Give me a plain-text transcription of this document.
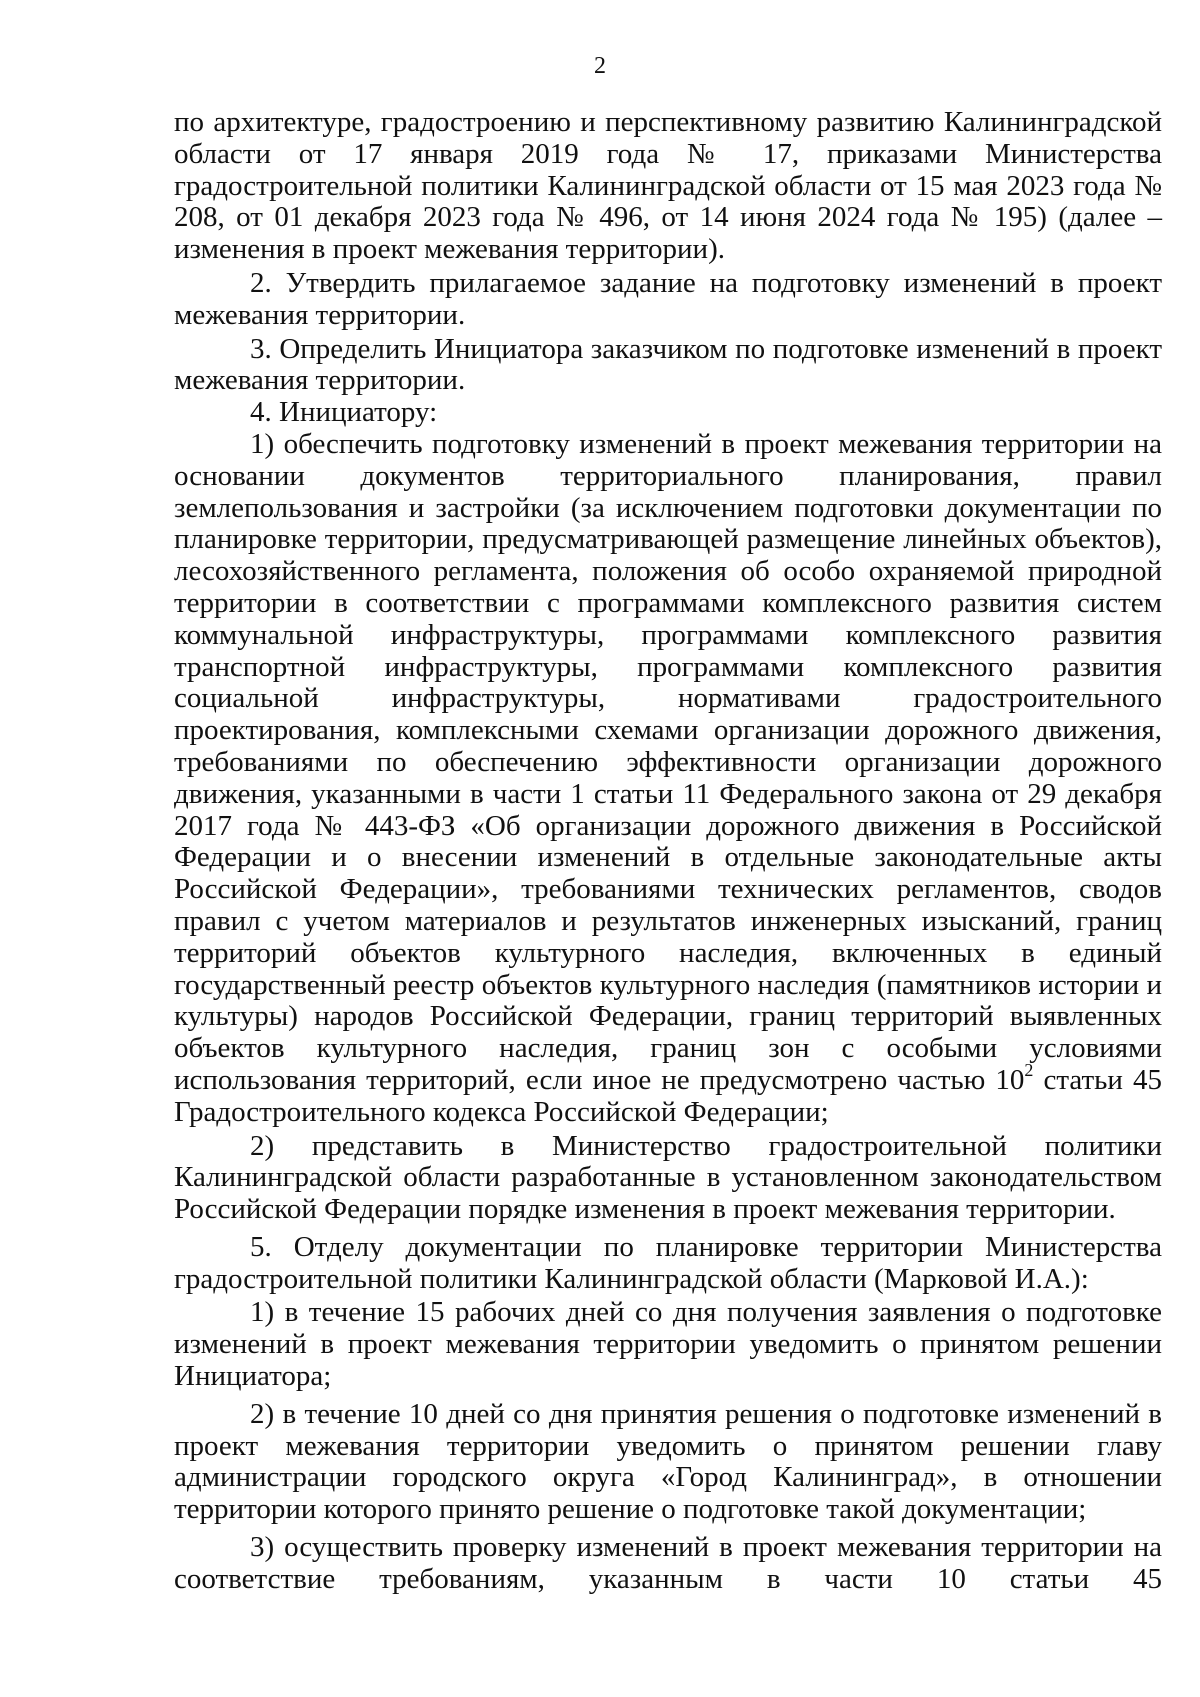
2

по архитектуре, градостроению и перспективному развитию Калининградской области от 17 января 2019 года № 17, приказами Министерства градостроительной политики Калининградской области от 15 мая 2023 года № 208, от 01 декабря 2023 года № 496, от 14 июня 2024 года № 195) (далее – изменения в проект межевания территории).

2. Утвердить прилагаемое задание на подготовку изменений в проект межевания территории.

3. Определить Инициатора заказчиком по подготовке изменений в проект межевания территории.

4. Инициатору:

1) обеспечить подготовку изменений в проект межевания территории на основании документов территориального планирования, правил землепользования и застройки (за исключением подготовки документации по планировке территории, предусматривающей размещение линейных объектов), лесохозяйственного регламента, положения об особо охраняемой природной территории в соответствии с программами комплексного развития систем коммунальной инфраструктуры, программами комплексного развития транспортной инфраструктуры, программами комплексного развития социальной инфраструктуры, нормативами градостроительного проектирования, комплексными схемами организации дорожного движения, требованиями по обеспечению эффективности организации дорожного движения, указанными в части 1 статьи 11 Федерального закона от 29 декабря 2017 года № 443-ФЗ «Об организации дорожного движения в Российской Федерации и о внесении изменений в отдельные законодательные акты Российской Федерации», требованиями технических регламентов, сводов правил с учетом материалов и результатов инженерных изысканий, границ территорий объектов культурного наследия, включенных в единый государственный реестр объектов культурного наследия (памятников истории и культуры) народов Российской Федерации, границ территорий выявленных объектов культурного наследия, границ зон с особыми условиями использования территорий, если иное не предусмотрено частью $10^2$ статьи 45 Градостроительного кодекса Российской Федерации;

2) представить в Министерство градостроительной политики Калининградской области разработанные в установленном законодательством Российской Федерации порядке изменения в проект межевания территории.

5. Отделу документации по планировке территории Министерства градостроительной политики Калининградской области (Марковой И.А.):

1) в течение 15 рабочих дней со дня получения заявления о подготовке изменений в проект межевания территории уведомить о принятом решении Инициатора;

2) в течение 10 дней со дня принятия решения о подготовке изменений в проект межевания территории уведомить о принятом решении главу администрации городского округа «Город Калининград», в отношении территории которого принято решение о подготовке такой документации;

3) осуществить проверку изменений в проект межевания территории на соответствие требованиям, указанным в части 10 статьи 45
